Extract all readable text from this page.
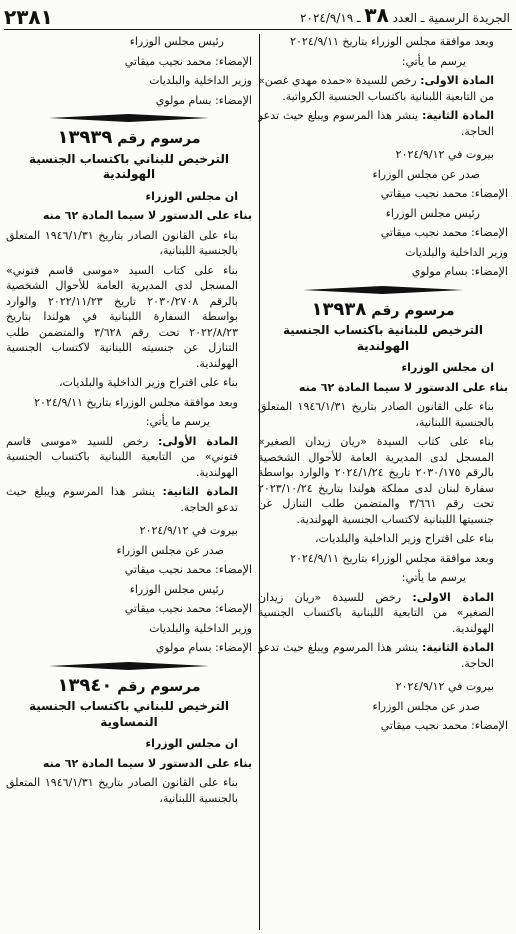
الجريدة الرسمية ـ العدد ٣٨ ـ ٢٠٢٤/٩/١٩
٢٣٨١

وبعد موافقة مجلس الوزراء بتاريخ ٢٠٢٤/٩/١١

يرسم ما يأتي:

المادة الاولى: رخص للسيدة «حمده مهدي غصن» من التابعية اللبنانية باكتساب الجنسية الكرواتية.

المادة الثانية: ينشر هذا المرسوم ويبلغ حيث تدعو الحاجة.

بيروت في ٢٠٢٤/٩/١٢

صدر عن مجلس الوزراء

الإمضاء: محمد نجيب ميقاتي

رئيس مجلس الوزراء

الإمضاء: محمد نجيب ميقاتي

وزير الداخلية والبلديات

الإمضاء: بسام مولوي

مرسوم رقم ١٣٩٣٨

الترخيص للبنانية باكتساب الجنسية الهولندية

ان مجلس الوزراء

بناء على الدستور لا سيما المادة ٦٢ منه

بناء على القانون الصادر بتاريخ ١٩٤٦/١/٣١ المتعلق بالجنسية اللبنانية،

بناء على كتاب السيدة «ريان زيدان الصغير» المسجل لدى المديرية العامة للأحوال الشخصية بالرقم ٢٠٣٠/١٧٥ تاريخ ٢٠٢٤/١/٢٤ والوارد بواسطة سفارة لبنان لدى مملكة هولندا بتاريخ ٢٠٢٣/١٠/٢٤ تحت رقم ٣/٦٦١ والمتضمن طلب التنازل عن جنسيتها اللبنانية لاكتساب الجنسية الهولندية.

بناء على اقتراح وزير الداخلية والبلديات،

وبعد موافقة مجلس الوزراء بتاريخ ٢٠٢٤/٩/١١

يرسم ما يأتي:

المادة الاولى: رخص للسيدة «ريان زيدان الصغير» من التابعية اللبنانية باكتساب الجنسية الهولندية.

المادة الثانية: ينشر هذا المرسوم ويبلغ حيث تدعو الحاجة.

بيروت في ٢٠٢٤/٩/١٢

صدر عن مجلس الوزراء

الإمضاء: محمد نجيب ميقاتي

رئيس مجلس الوزراء

الإمضاء: محمد نجيب ميقاتي

وزير الداخلية والبلديات

الإمضاء: بسام مولوي

مرسوم رقم ١٣٩٣٩

الترخيص للبناني باكتساب الجنسية الهولندية

ان مجلس الوزراء

بناء على الدستور لا سيما المادة ٦٢ منه

بناء على القانون الصادر بتاريخ ١٩٤٦/١/٣١ المتعلق بالجنسية اللبنانية،

بناء على كتاب السيد «موسى قاسم فتوني» المسجل لدى المديرية العامة للأحوال الشخصية بالرقم ٢٠٣٠/٢٧٠٨ تاريخ ٢٠٢٢/١١/٢٣ والوارد بواسطة السفارة اللبنانية في هولندا بتاريخ ٢٠٢٢/٨/٢٣ تحت رقم ٣/٦٢٨ والمتضمن طلب التنازل عن جنسيته اللبنانية لاكتساب الجنسية الهولندية.

بناء على اقتراح وزير الداخلية والبلديات،

وبعد موافقة مجلس الوزراء بتاريخ ٢٠٢٤/٩/١١

يرسم ما يأتي:

المادة الأولى: رخص للسيد «موسى قاسم فتوني» من التابعية اللبنانية باكتساب الجنسية الهولندية.

المادة الثانية: ينشر هذا المرسوم ويبلغ حيث تدعو الحاجة.

بيروت في ٢٠٢٤/٩/١٢

صدر عن مجلس الوزراء

الإمضاء: محمد نجيب ميقاتي

رئيس مجلس الوزراء

الإمضاء: محمد نجيب ميقاتي

وزير الداخلية والبلديات

الإمضاء: بسام مولوي

مرسوم رقم ١٣٩٤٠

الترخيص للبناني باكتساب الجنسية النمساوية

ان مجلس الوزراء

بناء على الدستور لا سيما المادة ٦٢ منه

بناء على القانون الصادر بتاريخ ١٩٤٦/١/٣١ المتعلق بالجنسية اللبنانية،
